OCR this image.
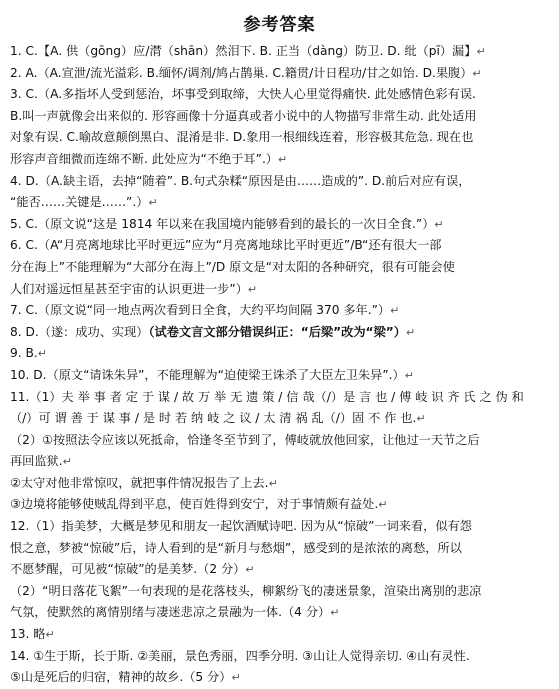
参考答案
1. C.【A. 供（gōng）应/潸（shān）然泪下. B. 正当（dàng）防卫. D. 纰（pī）漏】↵
2. A.（A.宣泄/流光溢彩. B.缅怀/调剂/鸠占鹊巢. C.籍贯/计日程功/甘之如饴. D.果腹）↵
3. C.（A.多指坏人受到惩治，坏事受到取缔，大快人心里觉得痛快. 此处感情色彩有误.
B.叫一声就像会出来似的. 形容画像十分逼真或者小说中的人物描写非常生动. 此处适用
对象有误. C.喻故意颠倒黑白、混淆是非. D.象用一根细线连着，形容极其危急. 现在也
形容声音细微而连绵不断. 此处应为“不绝于耳”.）↵
4. D.（A.缺主语，去掉“随着”. B.句式杂糅“原因是由……造成的”. D.前后对应有误，
“能否……关键是……”.）↵
5. C.（原文说“这是 1814 年以来在我国境内能够看到的最长的一次日全食.”）↵
6. C.（A“月亮离地球比平时更远”应为“月亮离地球比平时更近”/B“还有很大一部
分在海上”不能理解为“大部分在海上”/D 原文是“对太阳的各种研究，很有可能会使
人们对遥远恒星甚至宇宙的认识更进一步”）↵
7. C.（原文说“同一地点两次看到日全食，大约平均间隔 370 多年.”）↵
8. D.（遂：成功、实现）（试卷文言文部分错误纠正：“后梁”改为“梁”）↵
9. B.↵
10. D.（原文“请诛朱异”，不能理解为“迫使梁王诛杀了大臣左卫朱异”.）↵
11.（1）夫 举 事 者 定 于 谋 / 故 万 举 无 遗 策 / 信 哉（/）是 言 也 / 傅 岐 识 齐 氏 之 伪 和
（/）可 谓 善 于 谋 事 / 是 时 若 纳 岐 之 议 / 太 清 祸 乱（/）固 不 作 也.↵
（2）①按照法令应该以死抵命，恰逢冬至节到了，傅岐就放他回家，让他过一天节之后
再回监狱.↵
②太守对他非常惊叹，就把事件情况报告了上去.↵
③边境将能够使贼乱得到平息，使百姓得到安宁，对于事情颇有益处.↵
12.（1）指美梦，大概是梦见和朋友一起饮酒赋诗吧. 因为从“惊破”一词来看，似有怨
恨之意，梦被“惊破”后，诗人看到的是“新月与愁烟”，感受到的是浓浓的离愁，所以
不愿梦醒，可见被“惊破”的是美梦.（2 分）↵
（2）“明日落花飞絮”一句表现的是花落枝头，柳絮纷飞的凄迷景象，渲染出离别的悲凉
气氛，使默然的离情别绪与凄迷悲凉之景融为一体.（4 分）↵
13. 略↵
14. ①生于斯，长于斯. ②美丽，景色秀丽，四季分明. ③山让人觉得亲切. ④山有灵性.
⑤山是死后的归宿，精神的故乡.（5 分）↵
